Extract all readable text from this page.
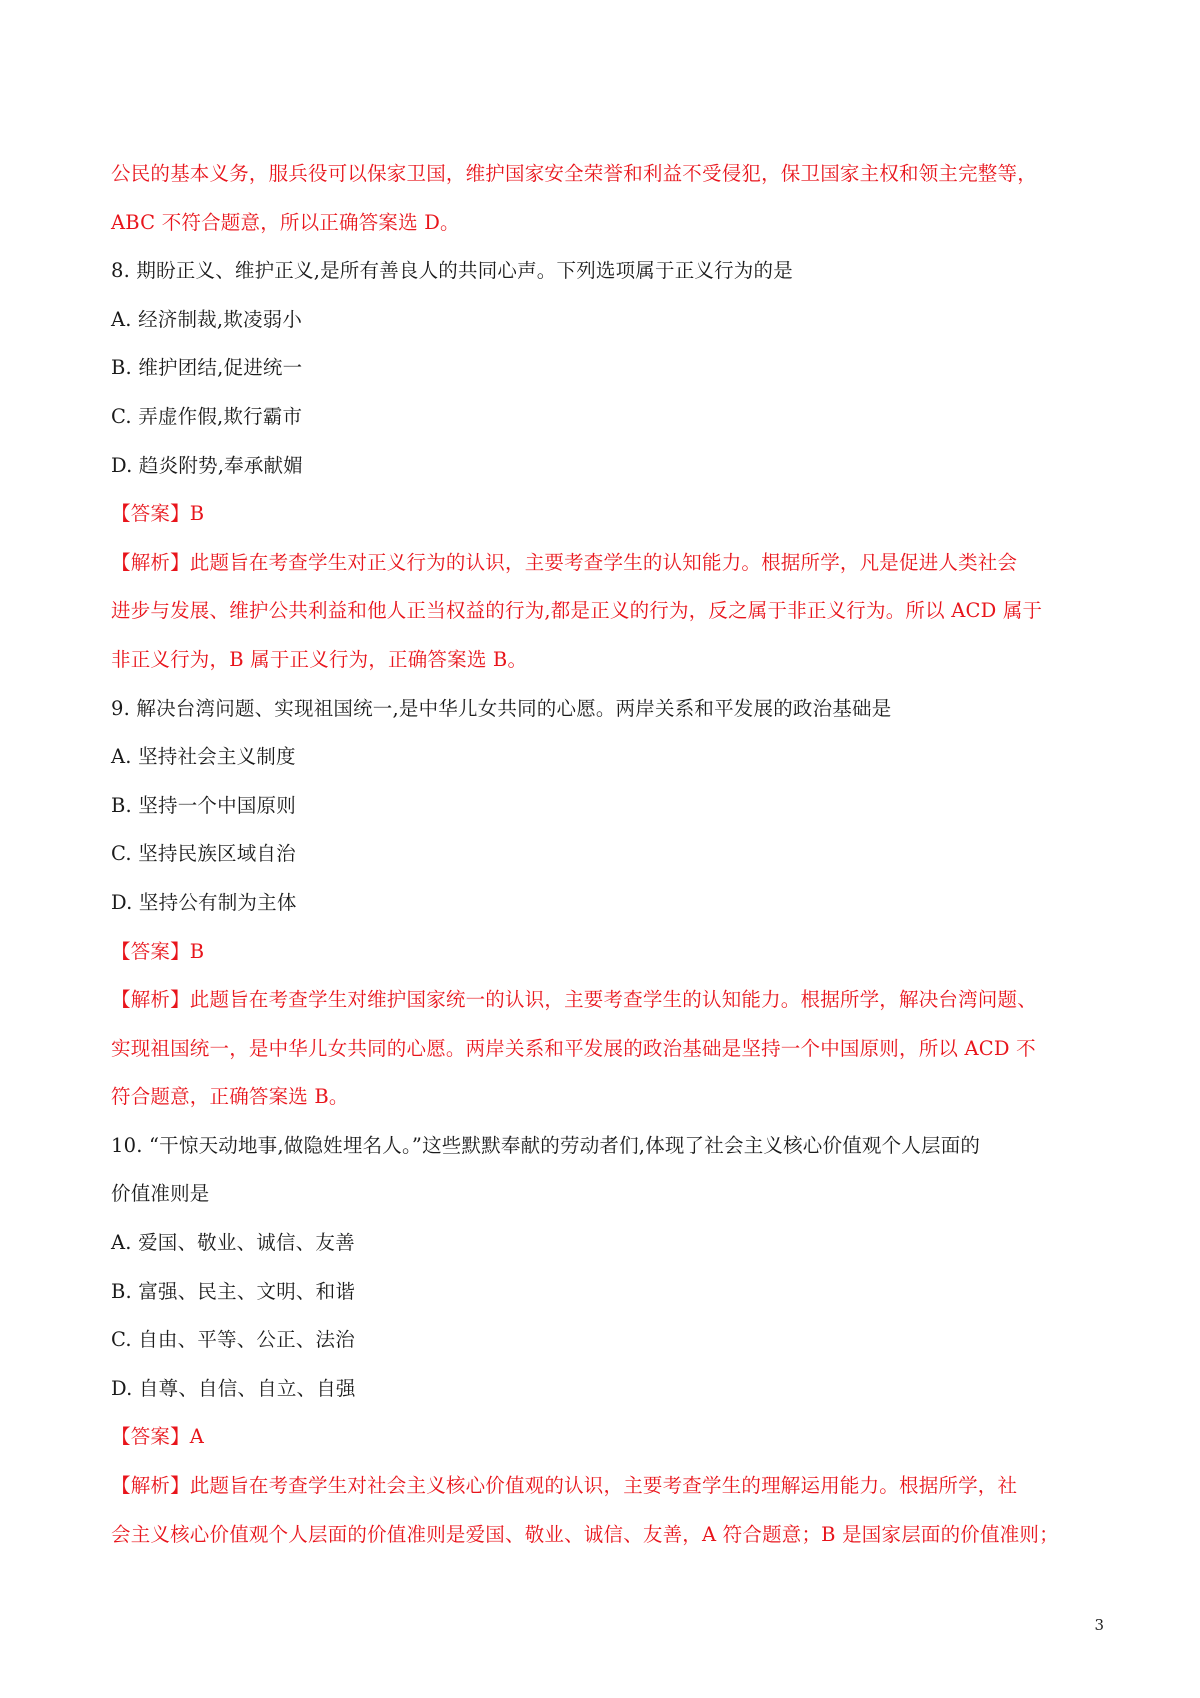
公民的基本义务，服兵役可以保家卫国，维护国家安全荣誉和利益不受侵犯，保卫国家主权和领主完整等，
ABC 不符合题意，所以正确答案选 D。
8. 期盼正义、维护正义,是所有善良人的共同心声。下列选项属于正义行为的是
A. 经济制裁,欺凌弱小
B. 维护团结,促进统一
C. 弄虚作假,欺行霸市
D. 趋炎附势,奉承献媚
【答案】B
【解析】此题旨在考查学生对正义行为的认识，主要考查学生的认知能力。根据所学，凡是促进人类社会
进步与发展、维护公共利益和他人正当权益的行为,都是正义的行为，反之属于非正义行为。所以 ACD 属于
非正义行为，B 属于正义行为，正确答案选 B。
9. 解决台湾问题、实现祖国统一,是中华儿女共同的心愿。两岸关系和平发展的政治基础是
A. 坚持社会主义制度
B. 坚持一个中国原则
C. 坚持民族区域自治
D. 坚持公有制为主体
【答案】B
【解析】此题旨在考查学生对维护国家统一的认识，主要考查学生的认知能力。根据所学，解决台湾问题、
实现祖国统一，是中华儿女共同的心愿。两岸关系和平发展的政治基础是坚持一个中国原则，所以 ACD 不
符合题意，正确答案选 B。
10. “干惊天动地事,做隐姓埋名人。”这些默默奉献的劳动者们,体现了社会主义核心价值观个人层面的
价值准则是
A. 爱国、敬业、诚信、友善
B. 富强、民主、文明、和谐
C. 自由、平等、公正、法治
D. 自尊、自信、自立、自强
【答案】A
【解析】此题旨在考查学生对社会主义核心价值观的认识，主要考查学生的理解运用能力。根据所学，社
会主义核心价值观个人层面的价值准则是爱国、敬业、诚信、友善，A 符合题意；B 是国家层面的价值准则；
3
